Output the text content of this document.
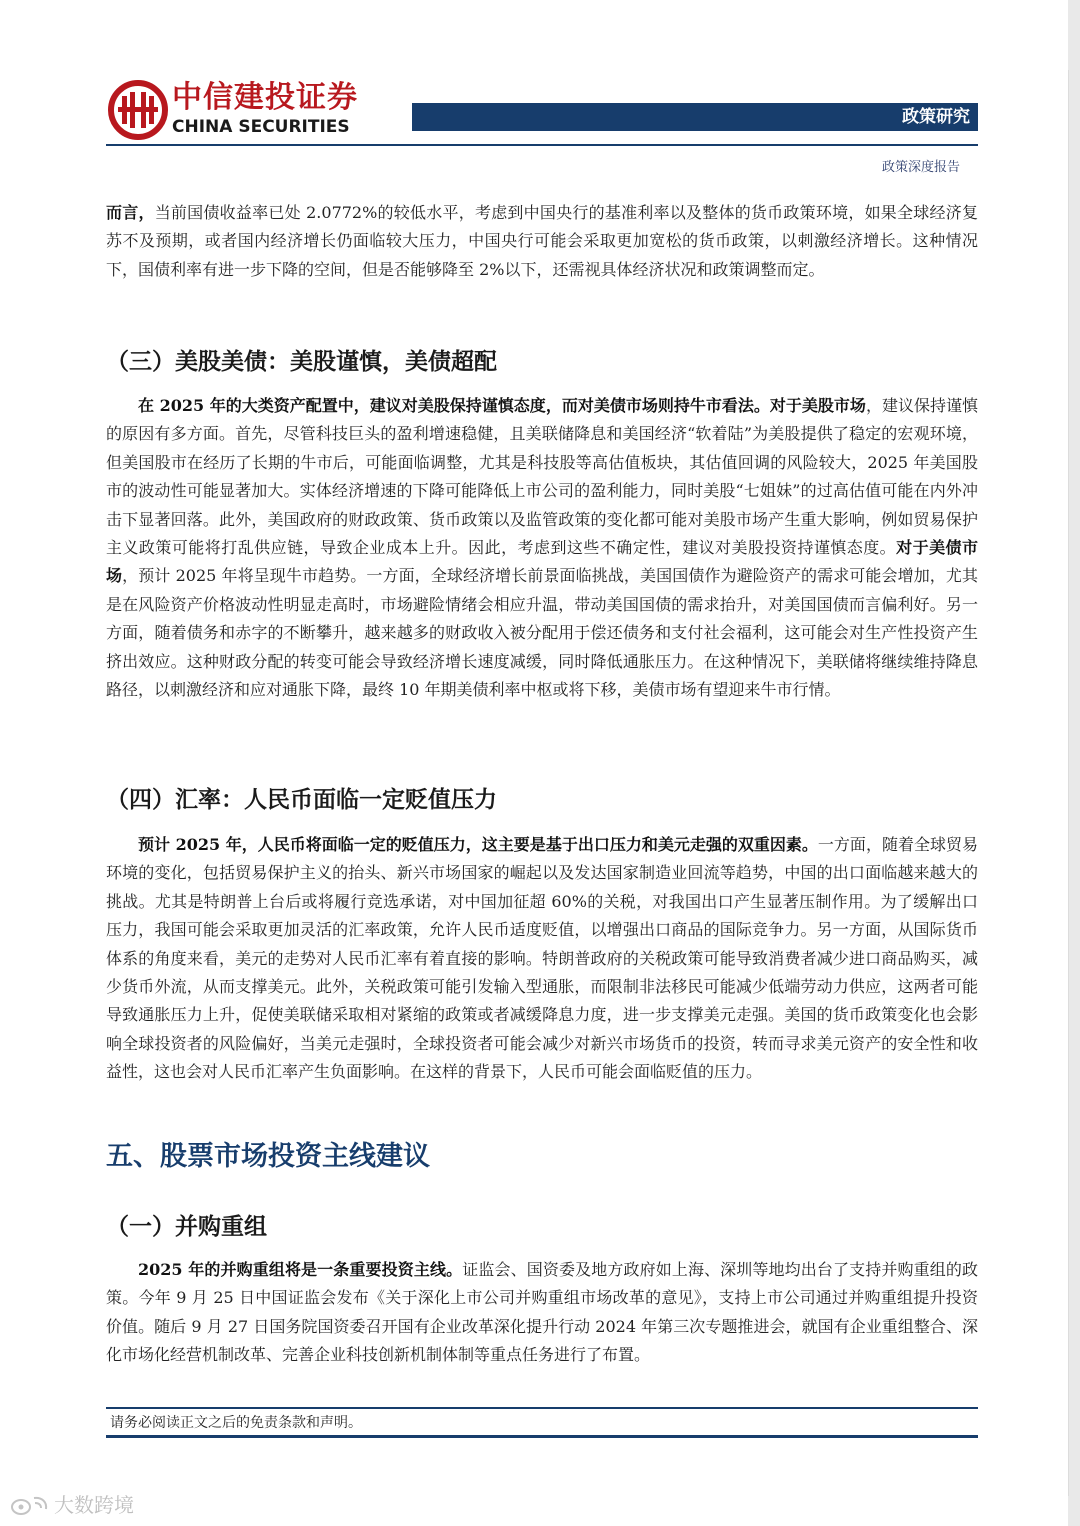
中信建投证券
CHINA SECURITIES	政策研究
政策深度报告
而言，当前国债收益率已处 2.0772%的较低水平，考虑到中国央行的基准利率以及整体的货币政策环境，如果全球经济复苏不及预期，或者国内经济增长仍面临较大压力，中国央行可能会采取更加宽松的货币政策，以刺激经济增长。这种情况下，国债利率有进一步下降的空间，但是否能够降至 2%以下，还需视具体经济状况和政策调整而定。
（三）美股美债：美股谨慎，美债超配
在 2025 年的大类资产配置中，建议对美股保持谨慎态度，而对美债市场则持牛市看法。对于美股市场，建议保持谨慎的原因有多方面。首先，尽管科技巨头的盈利增速稳健，且美联储降息和美国经济“软着陆”为美股提供了稳定的宏观环境，但美国股市在经历了长期的牛市后，可能面临调整，尤其是科技股等高估值板块，其估值回调的风险较大，2025 年美国股市的波动性可能显著加大。实体经济增速的下降可能降低上市公司的盈利能力，同时美股“七姐妹”的过高估值可能在内外冲击下显著回落。此外，美国政府的财政政策、货币政策以及监管政策的变化都可能对美股市场产生重大影响，例如贸易保护主义政策可能将打乱供应链，导致企业成本上升。因此，考虑到这些不确定性，建议对美股投资持谨慎态度。对于美债市场，预计 2025 年将呈现牛市趋势。一方面，全球经济增长前景面临挑战，美国国债作为避险资产的需求可能会增加，尤其是在风险资产价格波动性明显走高时，市场避险情绪会相应升温，带动美国国债的需求抬升，对美国国债而言偏利好。另一方面，随着债务和赤字的不断攀升，越来越多的财政收入被分配用于偿还债务和支付社会福利，这可能会对生产性投资产生挤出效应。这种财政分配的转变可能会导致经济增长速度减缓，同时降低通胀压力。在这种情况下，美联储将继续维持降息路径，以刺激经济和应对通胀下降，最终 10 年期美债利率中枢或将下移，美债市场有望迎来牛市行情。
（四）汇率：人民币面临一定贬值压力
预计 2025 年，人民币将面临一定的贬值压力，这主要是基于出口压力和美元走强的双重因素。一方面，随着全球贸易环境的变化，包括贸易保护主义的抬头、新兴市场国家的崛起以及发达国家制造业回流等趋势，中国的出口面临越来越大的挑战。尤其是特朗普上台后或将履行竞选承诺，对中国加征超 60%的关税，对我国出口产生显著压制作用。为了缓解出口压力，我国可能会采取更加灵活的汇率政策，允许人民币适度贬值，以增强出口商品的国际竞争力。另一方面，从国际货币体系的角度来看，美元的走势对人民币汇率有着直接的影响。特朗普政府的关税政策可能导致消费者减少进口商品购买，减少货币外流，从而支撑美元。此外，关税政策可能引发输入型通胀，而限制非法移民可能减少低端劳动力供应，这两者可能导致通胀压力上升，促使美联储采取相对紧缩的政策或者减缓降息力度，进一步支撑美元走强。美国的货币政策变化也会影响全球投资者的风险偏好，当美元走强时，全球投资者可能会减少对新兴市场货币的投资，转而寻求美元资产的安全性和收益性，这也会对人民币汇率产生负面影响。在这样的背景下，人民币可能会面临贬值的压力。
五、股票市场投资主线建议
（一）并购重组
2025 年的并购重组将是一条重要投资主线。证监会、国资委及地方政府如上海、深圳等地均出台了支持并购重组的政策。今年 9 月 25 日中国证监会发布《关于深化上市公司并购重组市场改革的意见》，支持上市公司通过并购重组提升投资价值。随后 9 月 27 日国务院国资委召开国有企业改革深化提升行动 2024 年第三次专题推进会，就国有企业重组整合、深化市场化经营机制改革、完善企业科技创新机制体制等重点任务进行了布置。
请务必阅读正文之后的免责条款和声明。
大数跨境
